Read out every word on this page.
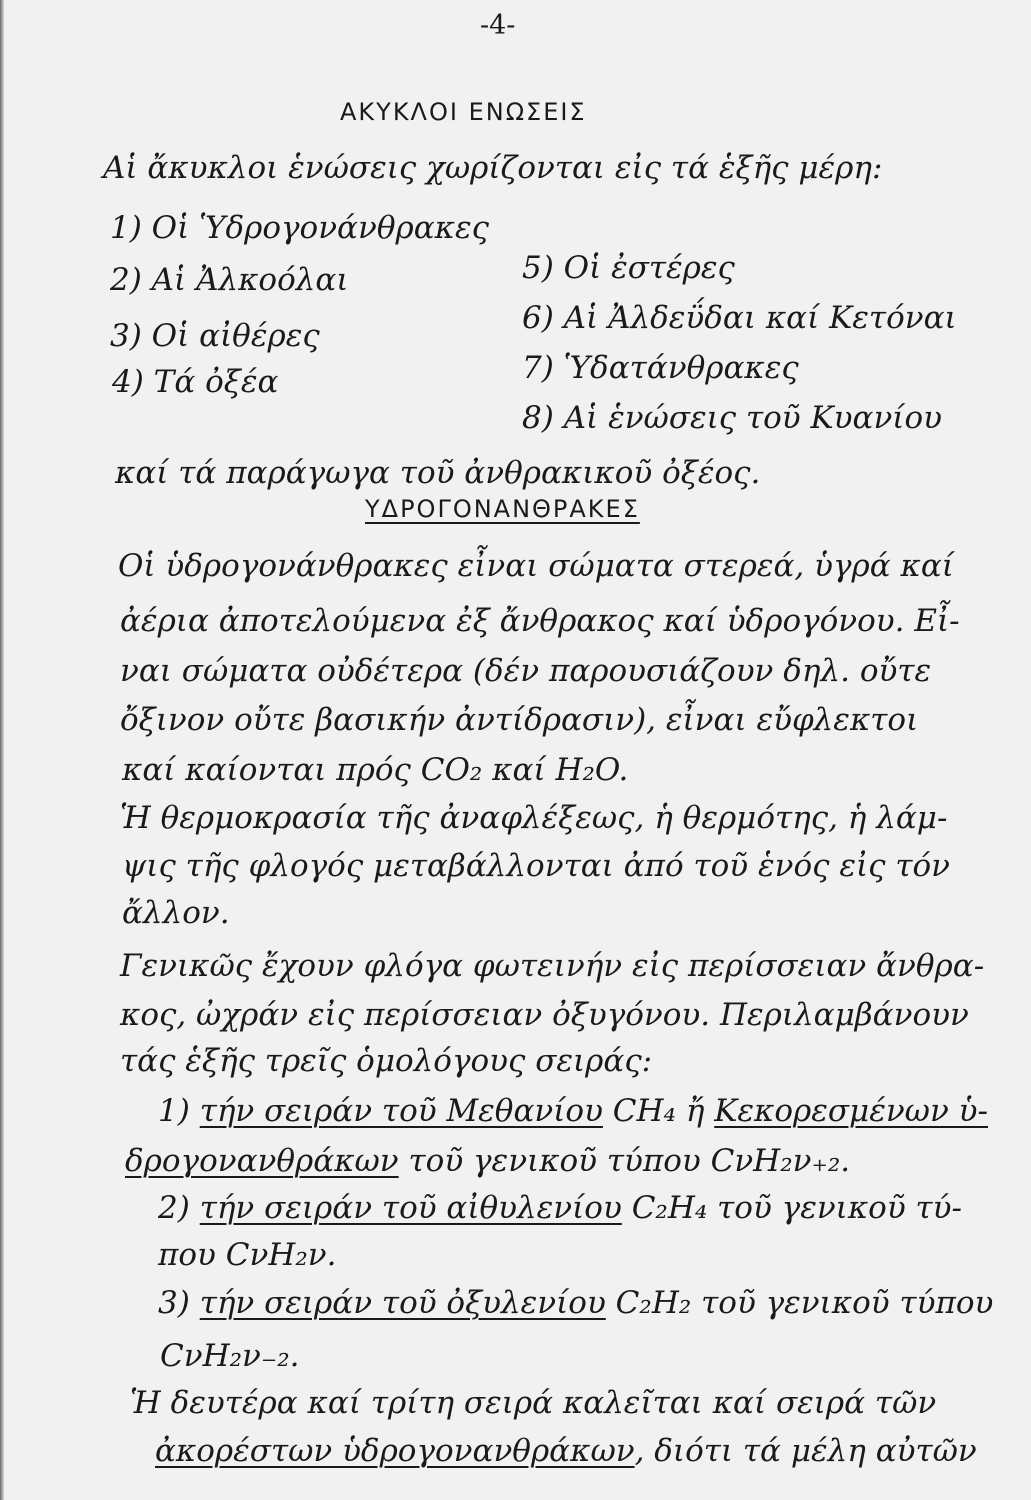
-4-
ΑΚΥΚΛΟΙ ΕΝΩΣΕΙΣ
Αἱ ἄκυκλοι ἑνώσεις χωρίζονται εἰς τά ἑξῆς μέρη:
1) Οἱ Ὑδρογονάνθρακες
2) Αἱ Ἀλκοόλαι
3) Οἱ αἰθέρες
4) Τά ὀξέα
5) Οἱ ἐστέρες
6) Αἱ Ἀλδεΰδαι καί Κετόναι
7) Ὑδατάνθρακες
8) Αἱ ἑνώσεις τοῦ Κυανίου
καί τά παράγωγα τοῦ ἀνθρακικοῦ ὀξέος.
ΥΔΡΟΓΟΝΑΝΘΡΑΚΕΣ
Οἱ ὑδρογονάνθρακες εἶναι σώματα στερεά, ὑγρά καί
ἀέρια ἀποτελούμενα ἐξ ἄνθρακος καί ὑδρογόνου. Εἶ-
ναι σώματα οὐδέτερα (δέν παρουσιάζουν δηλ. οὔτε
ὄξινον οὔτε βασικήν ἀντίδρασιν), εἶναι εὔφλεκτοι
καί καίονται πρός CO₂ καί H₂O.
Ἡ θερμοκρασία τῆς ἀναφλέξεως, ἡ θερμότης, ἡ λάμ-
ψις τῆς φλογός μεταβάλλονται ἀπό τοῦ ἑνός εἰς τόν
ἄλλον.
Γενικῶς ἔχουν φλόγα φωτεινήν εἰς περίσσειαν ἄνθρα-
κος, ὠχράν εἰς περίσσειαν ὀξυγόνου. Περιλαμβάνουν
τάς ἑξῆς τρεῖς ὁμολόγους σειράς:
1) τήν σειράν τοῦ Μεθανίου CH₄ ἤ Κεκορεσμένων ὑ-
δρογονανθράκων τοῦ γενικοῦ τύπου CνH₂ν₊₂.
2) τήν σειράν τοῦ αἰθυλενίου C₂H₄ τοῦ γενικοῦ τύ-
που CνH₂ν.
3) τήν σειράν τοῦ ὀξυλενίου C₂H₂ τοῦ γενικοῦ τύπου
CνH₂ν₋₂.
Ἡ δευτέρα καί τρίτη σειρά καλεῖται καί σειρά τῶν
ἀκορέστων ὑδρογονανθράκων, διότι τά μέλη αὐτῶν
